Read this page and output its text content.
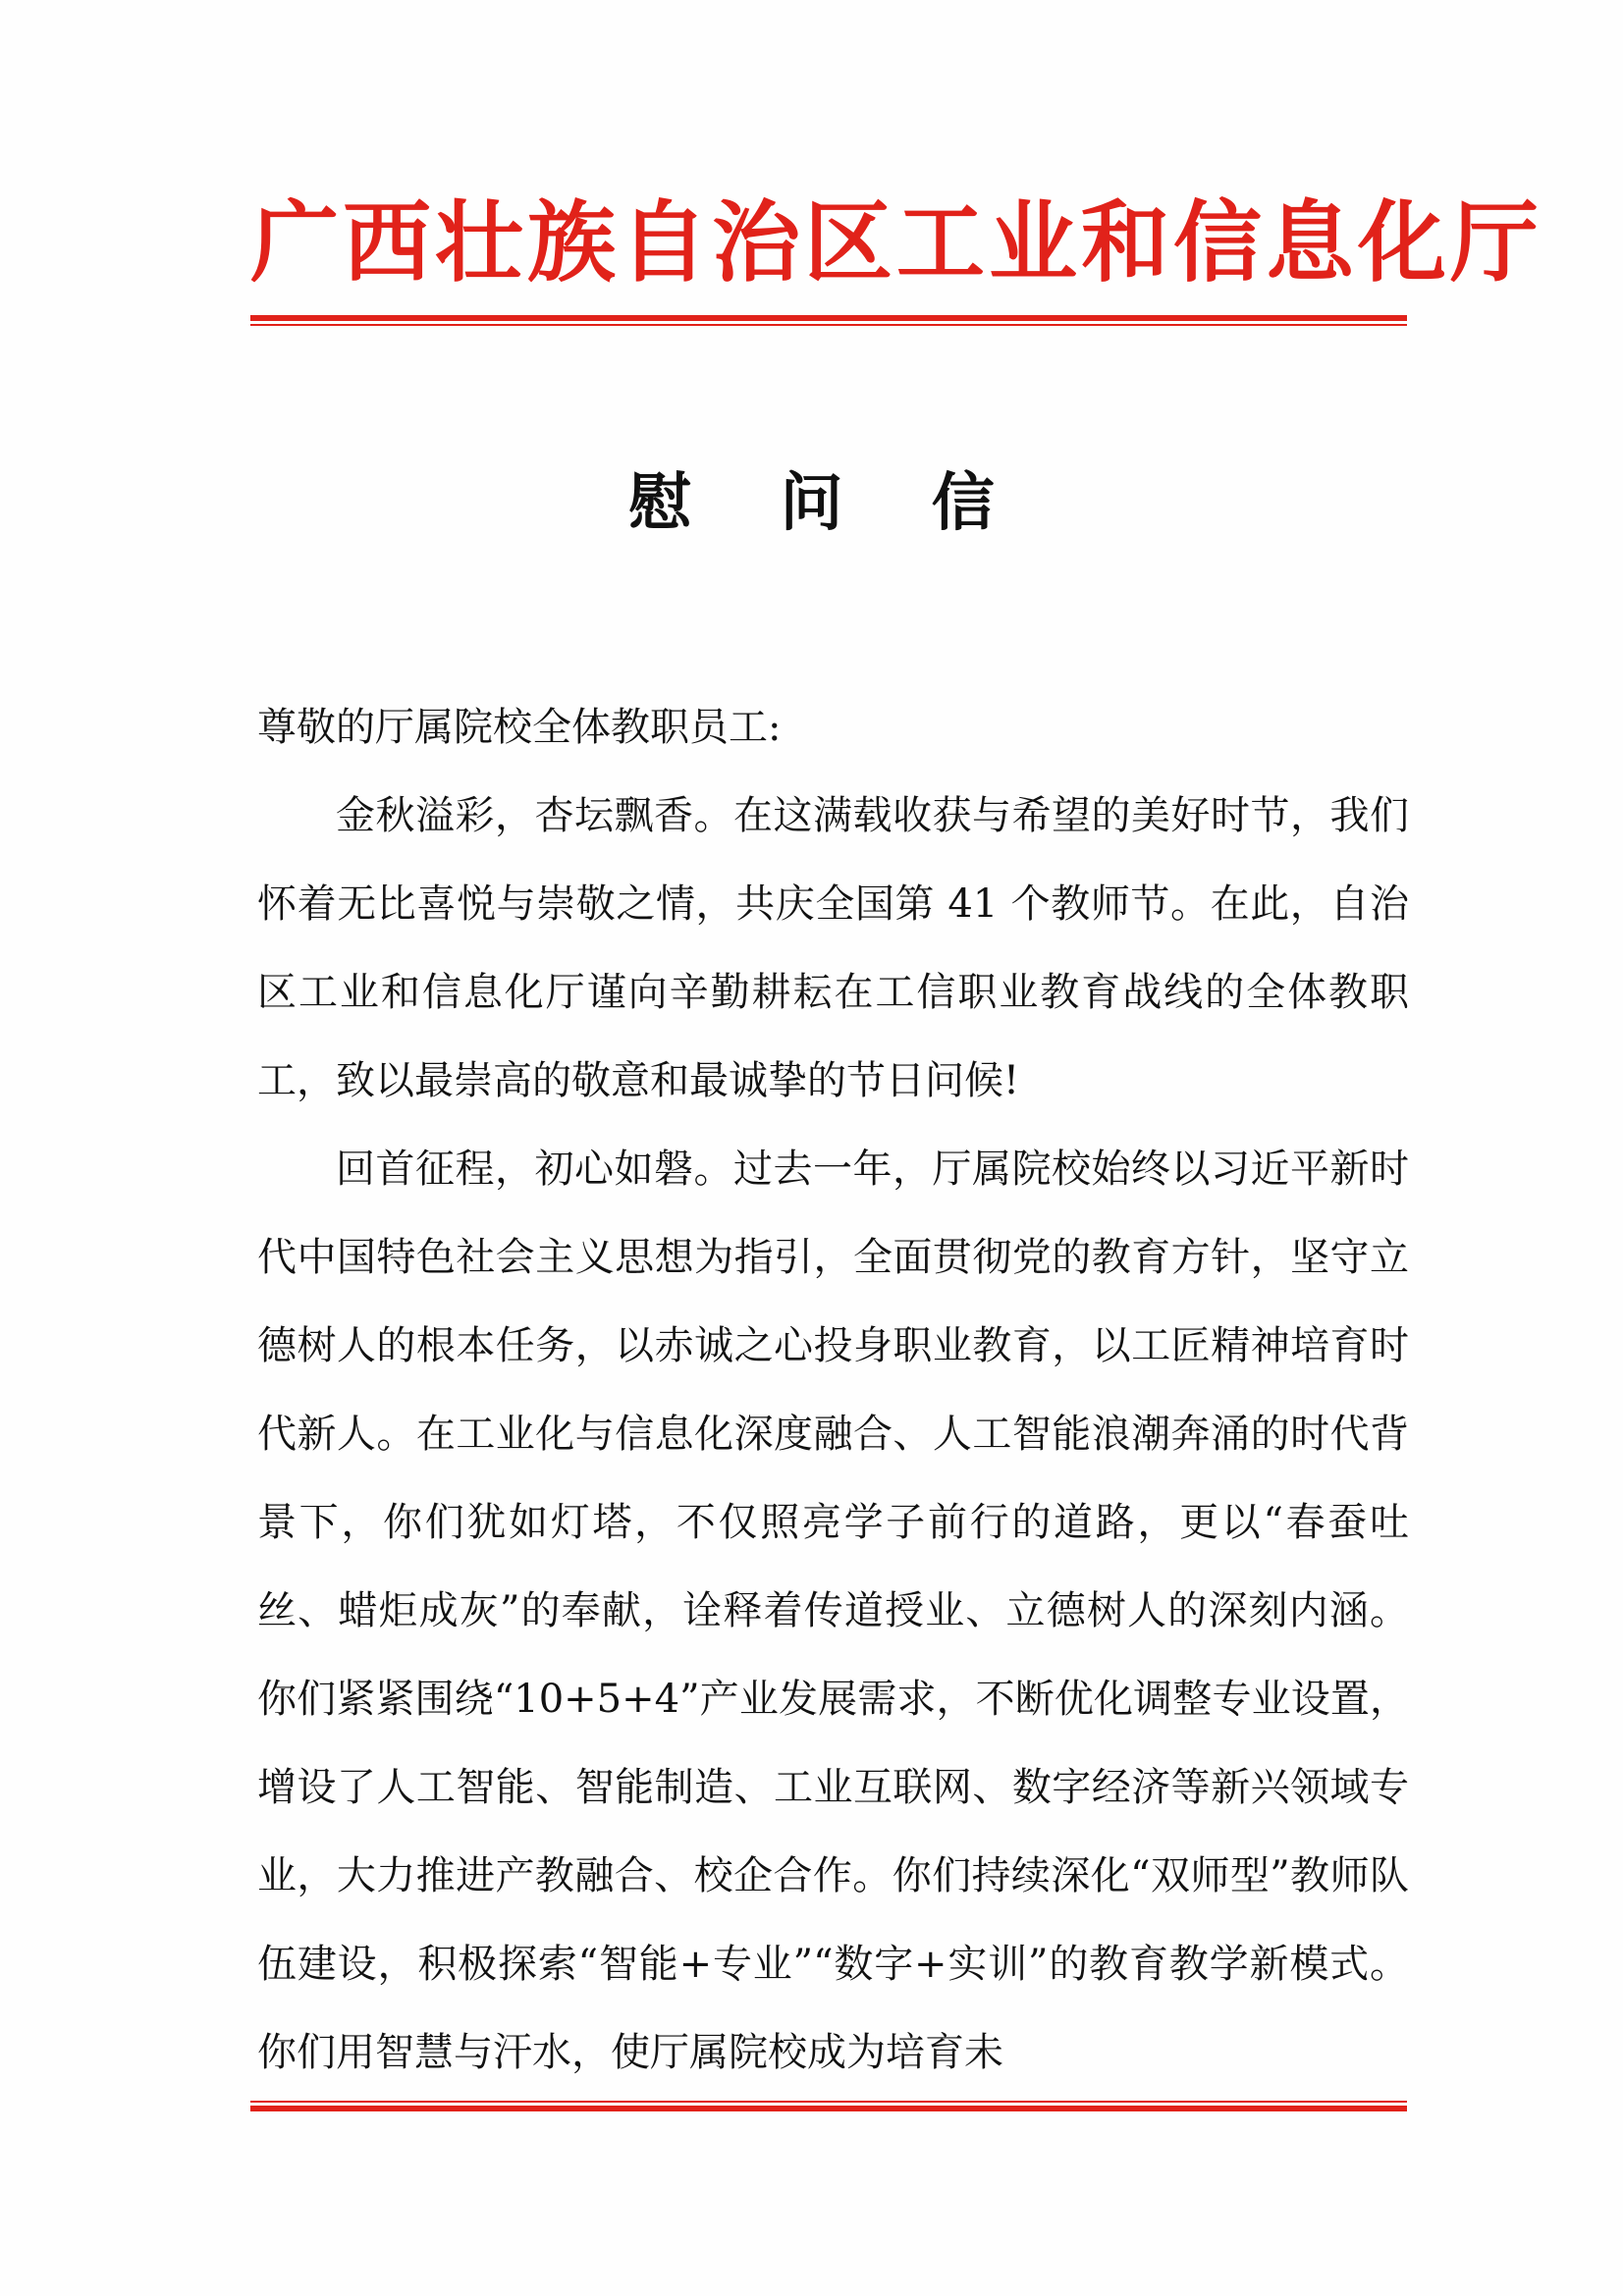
广西壮族自治区工业和信息化厅
慰 问 信

尊敬的厅属院校全体教职员工:

金秋溢彩，杏坛飘香。在这满载收获与希望的美好时节，我们怀着无比喜悦与崇敬之情，共庆全国第 41 个教师节。在此，自治区工业和信息化厅谨向辛勤耕耘在工信职业教育战线的全体教职工，致以最崇高的敬意和最诚挚的节日问候!

回首征程，初心如磐。过去一年，厅属院校始终以习近平新时代中国特色社会主义思想为指引，全面贯彻党的教育方针，坚守立德树人的根本任务，以赤诚之心投身职业教育，以工匠精神培育时代新人。在工业化与信息化深度融合、人工智能浪潮奔涌的时代背景下，你们犹如灯塔，不仅照亮学子前行的道路，更以“春蚕吐丝、蜡炬成灰”的奉献，诠释着传道授业、立德树人的深刻内涵。你们紧紧围绕“10+5+4”产业发展需求，不断优化调整专业设置，增设了人工智能、智能制造、工业互联网、数字经济等新兴领域专业，大力推进产教融合、校企合作。你们持续深化“双师型”教师队伍建设，积极探索“智能+专业”“数字+实训”的教育教学新模式。你们用智慧与汗水，使厅属院校成为培育未
